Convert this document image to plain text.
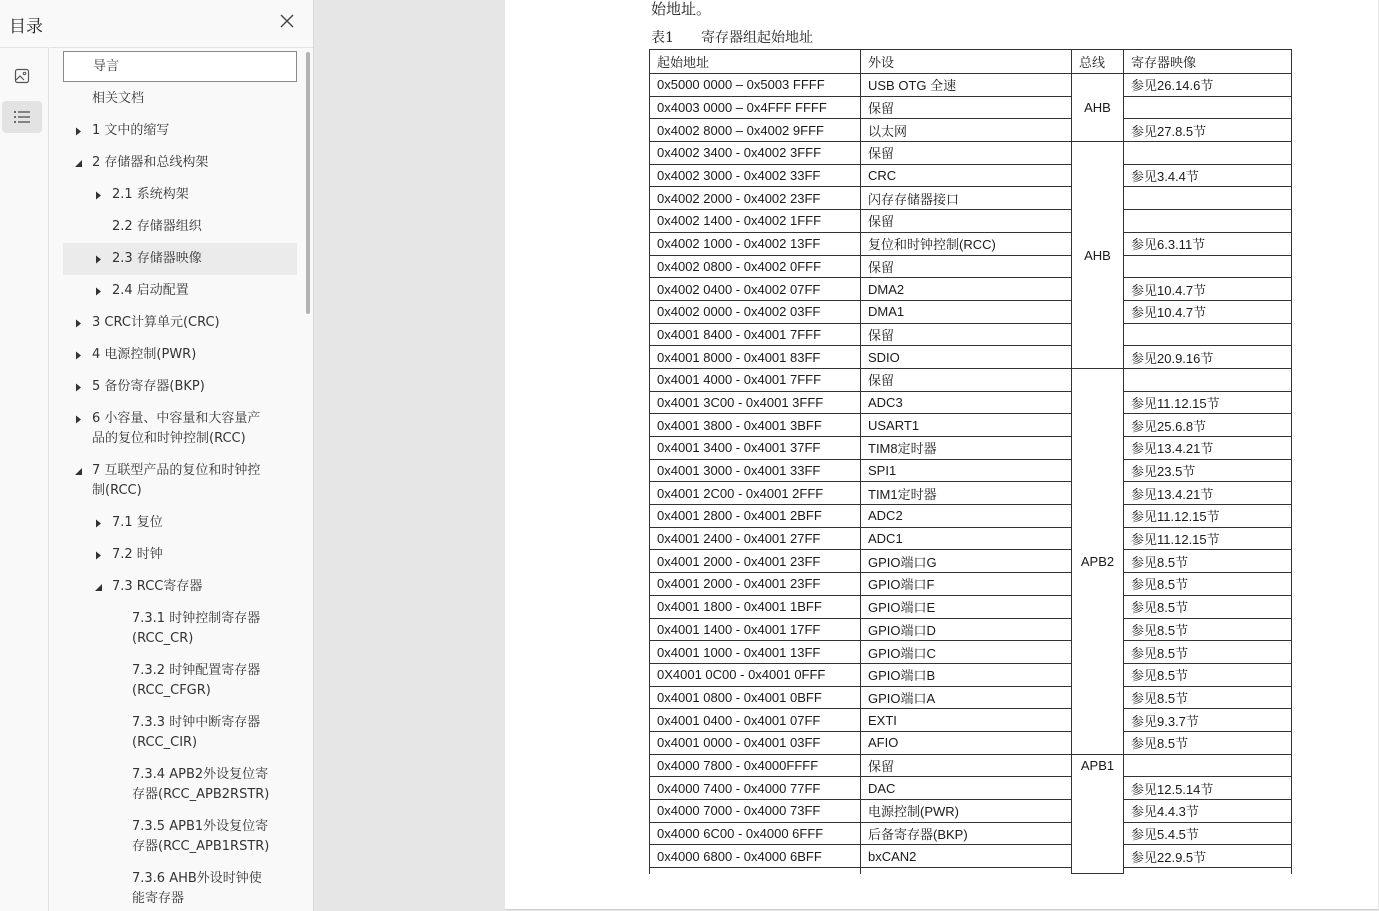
目录
导言
相关文档
1 文中的缩写
2 存储器和总线构架
2.1 系统构架
2.2 存储器组织
2.3 存储器映像
2.4 启动配置
3 CRC计算单元(CRC)
4 电源控制(PWR)
5 备份寄存器(BKP)
6 小容量、中容量和大容量产
品的复位和时钟控制(RCC)
7 互联型产品的复位和时钟控
制(RCC)
7.1 复位
7.2 时钟
7.3 RCC寄存器
7.3.1 时钟控制寄存器
(RCC_CR)
7.3.2 时钟配置寄存器
(RCC_CFGR)
7.3.3 时钟中断寄存器
(RCC_CIR)
7.3.4 APB2外设复位寄
存器(RCC_APB2RSTR)
7.3.5 APB1外设复位寄
存器(RCC_APB1RSTR)
7.3.6 AHB外设时钟使
能寄存器
始地址。
表1 寄存器组起始地址
起始地址	外设	总线	寄存器映像
0x5000 0000 – 0x5003 FFFF	USB OTG 全速	AHB	参见26.14.6节
0x4003 0000 – 0x4FFF FFFF	保留		
0x4002 8000 – 0x4002 9FFF	以太网		参见27.8.5节
0x4002 3400 - 0x4002 3FFF	保留	AHB	
0x4002 3000 - 0x4002 33FF	CRC		参见3.4.4节
0x4002 2000 - 0x4002 23FF	闪存存储器接口		
0x4002 1400 - 0x4002 1FFF	保留		
0x4002 1000 - 0x4002 13FF	复位和时钟控制(RCC)		参见6.3.11节
0x4002 0800 - 0x4002 0FFF	保留		
0x4002 0400 - 0x4002 07FF	DMA2		参见10.4.7节
0x4002 0000 - 0x4002 03FF	DMA1		参见10.4.7节
0x4001 8400 - 0x4001 7FFF	保留		
0x4001 8000 - 0x4001 83FF	SDIO		参见20.9.16节
0x4001 4000 - 0x4001 7FFF	保留	APB2	
0x4001 3C00 - 0x4001 3FFF	ADC3		参见11.12.15节
0x4001 3800 - 0x4001 3BFF	USART1		参见25.6.8节
0x4001 3400 - 0x4001 37FF	TIM8定时器		参见13.4.21节
0x4001 3000 - 0x4001 33FF	SPI1		参见23.5节
0x4001 2C00 - 0x4001 2FFF	TIM1定时器		参见13.4.21节
0x4001 2800 - 0x4001 2BFF	ADC2		参见11.12.15节
0x4001 2400 - 0x4001 27FF	ADC1		参见11.12.15节
0x4001 2000 - 0x4001 23FF	GPIO端口G		参见8.5节
0x4001 2000 - 0x4001 23FF	GPIO端口F		参见8.5节
0x4001 1800 - 0x4001 1BFF	GPIO端口E		参见8.5节
0x4001 1400 - 0x4001 17FF	GPIO端口D		参见8.5节
0x4001 1000 - 0x4001 13FF	GPIO端口C		参见8.5节
0X4001 0C00 - 0x4001 0FFF	GPIO端口B		参见8.5节
0x4001 0800 - 0x4001 0BFF	GPIO端口A		参见8.5节
0x4001 0400 - 0x4001 07FF	EXTI		参见9.3.7节
0x4001 0000 - 0x4001 03FF	AFIO		参见8.5节
0x4000 7800 - 0x4000FFFF	保留	APB1	
0x4000 7400 - 0x4000 77FF	DAC		参见12.5.14节
0x4000 7000 - 0x4000 73FF	电源控制(PWR)		参见4.4.3节
0x4000 6C00 - 0x4000 6FFF	后备寄存器(BKP)		参见5.4.5节
0x4000 6800 - 0x4000 6BFF	bxCAN2		参见22.9.5节
